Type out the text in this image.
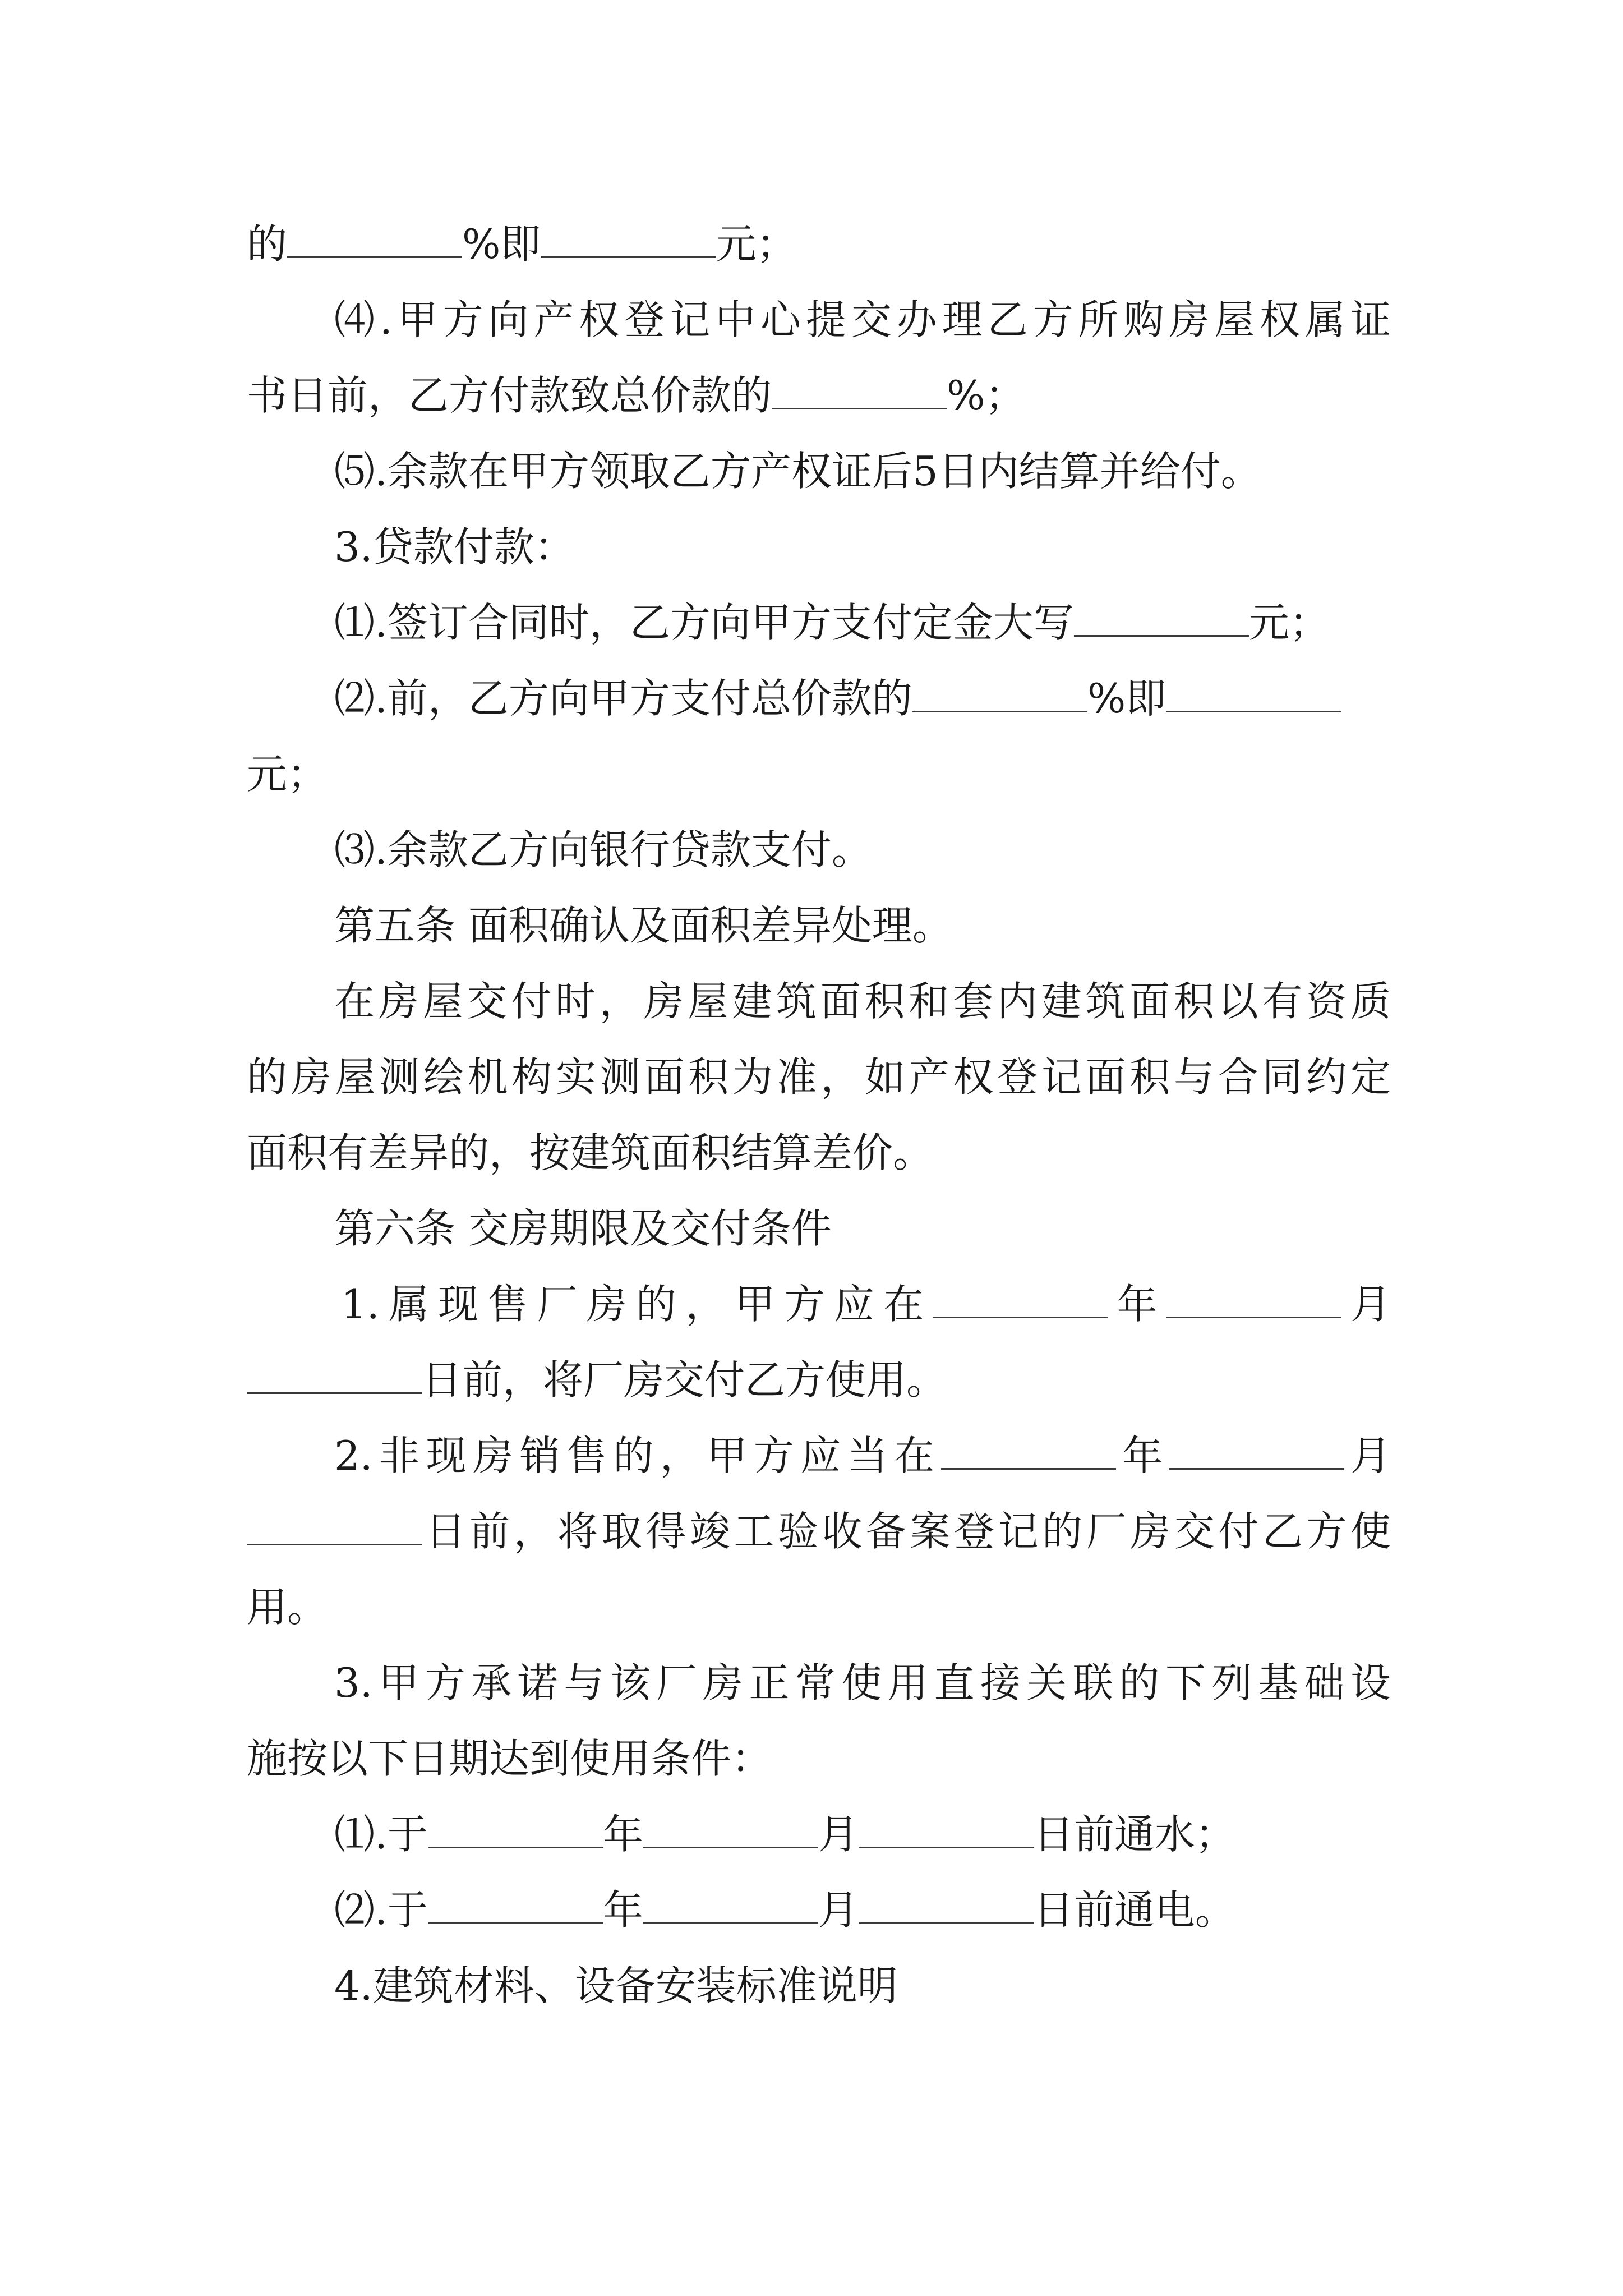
的	%即	元；
⑷.甲方向产权登记中心提交办理乙方所购房屋权属证
书日前，乙方付款致总价款的	%；
⑸.余款在甲方领取乙方产权证后5日内结算并给付。
3.贷款付款：
⑴.签订合同时，乙方向甲方支付定金大写	元；
⑵.前，乙方向甲方支付总价款的	%即
元；
⑶.余款乙方向银行贷款支付。
第五条 面积确认及面积差异处理。
在房屋交付时，房屋建筑面积和套内建筑面积以有资质
的房屋测绘机构实测面积为准，如产权登记面积与合同约定
面积有差异的，按建筑面积结算差价。
第六条 交房期限及交付条件
1.属现售厂房的，甲方应在	年	月
日前，将厂房交付乙方使用。
2.非现房销售的，甲方应当在	年	月
日前，将取得竣工验收备案登记的厂房交付乙方使
用。
3.甲方承诺与该厂房正常使用直接关联的下列基础设
施按以下日期达到使用条件：
⑴.于	年	月	日前通水；
⑵.于	年	月	日前通电。
4.建筑材料、设备安装标准说明
